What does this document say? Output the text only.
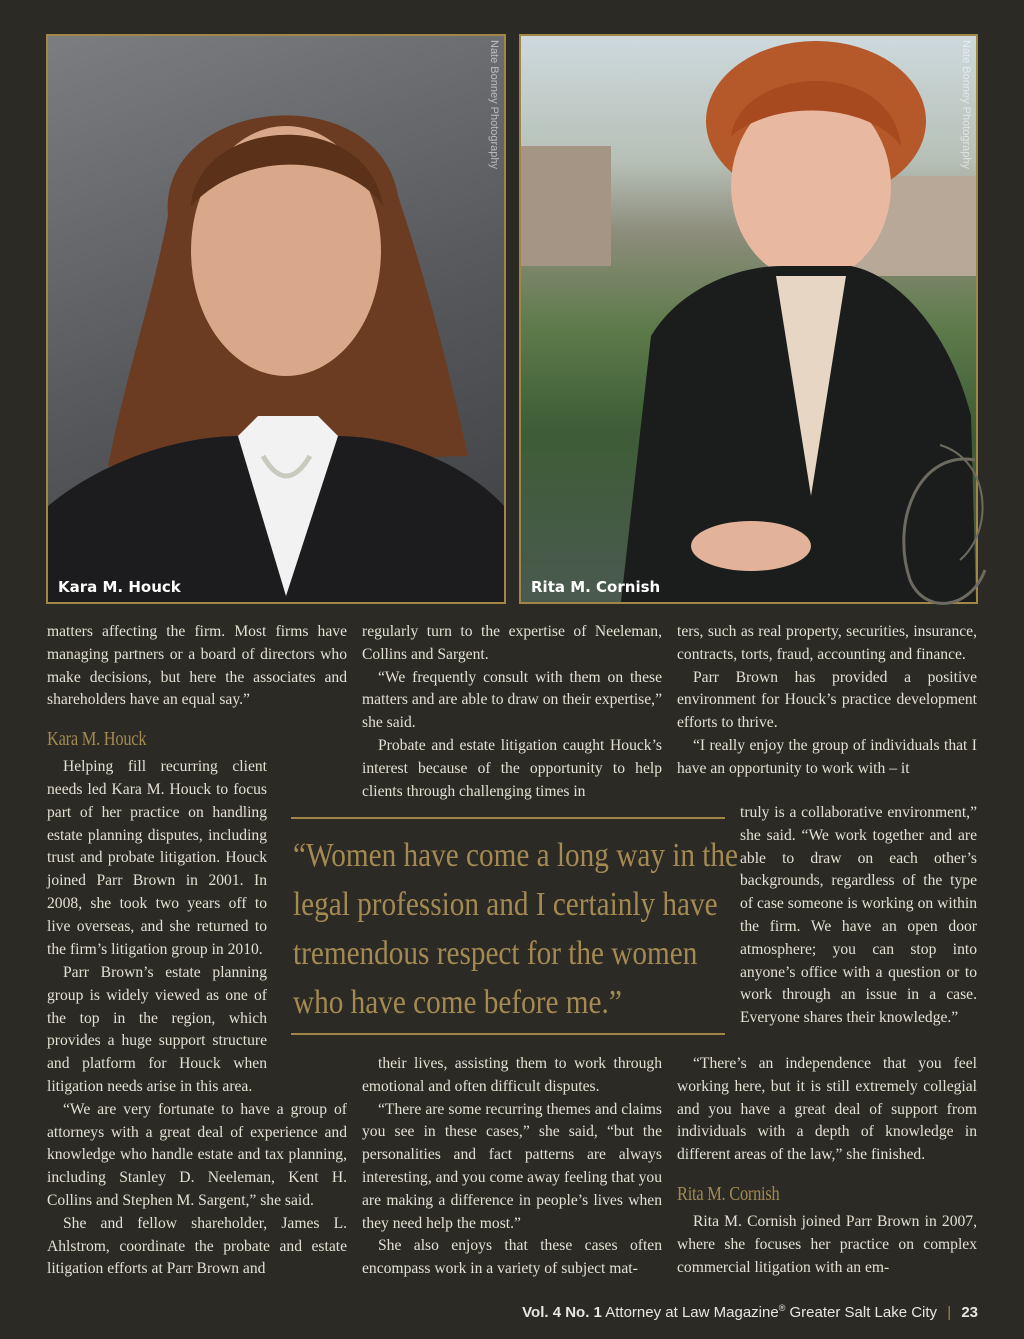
Nate Bonney Photography
Kara M. Houck
Nate Bonney Photography
Rita M. Cornish

matters affecting the firm. Most firms have managing partners or a board of directors who make decisions, but here the associates and shareholders have an equal say.”

Kara M. Houck

Helping fill recurring client needs led Kara M. Houck to focus part of her practice on handling estate planning disputes, including trust and probate litigation. Houck joined Parr Brown in 2001. In 2008, she took two years off to live overseas, and she returned to the firm’s litigation group in 2010.

Parr Brown’s estate planning group is widely viewed as one of the top in the region, which provides a huge support structure and platform for Houck when litigation needs arise in this area.

“We are very fortunate to have a group of attorneys with a great deal of experience and knowledge who handle estate and tax planning, including Stanley D. Neeleman, Kent H. Collins and Stephen M. Sargent,” she said.

She and fellow shareholder, James L. Ahlstrom, coordinate the probate and estate litigation efforts at Parr Brown and

regularly turn to the expertise of Neeleman, Collins and Sargent.

“We frequently consult with them on these matters and are able to draw on their expertise,” she said.

Probate and estate litigation caught Houck’s interest because of the opportunity to help clients through challenging times in

their lives, assisting them to work through emotional and often difficult disputes.

“There are some recurring themes and claims you see in these cases,” she said, “but the personalities and fact patterns are always interesting, and you come away feeling that you are making a difference in people’s lives when they need help the most.”

She also enjoys that these cases often encompass work in a variety of subject mat-

ters, such as real property, securities, insurance, contracts, torts, fraud, accounting and finance.

Parr Brown has provided a positive environment for Houck’s practice development efforts to thrive.

“I really enjoy the group of individuals that I have an opportunity to work with – it

truly is a collaborative environment,” she said. “We work together and are able to draw on each other’s backgrounds, regardless of the type of case someone is working on within the firm. We have an open door atmosphere; you can stop into anyone’s office with a question or to work through an issue in a case. Everyone shares their knowledge.”

“There’s an independence that you feel working here, but it is still extremely collegial and you have a great deal of support from individuals with a depth of knowledge in different areas of the law,” she finished.

Rita M. Cornish

Rita M. Cornish joined Parr Brown in 2007, where she focuses her practice on complex commercial litigation with an em-

“Women have come a long way in the
legal profession and I certainly have
tremendous respect for the women
who have come before me.”
Vol. 4 No. 1 Attorney at Law Magazine® Greater Salt Lake City | 23
